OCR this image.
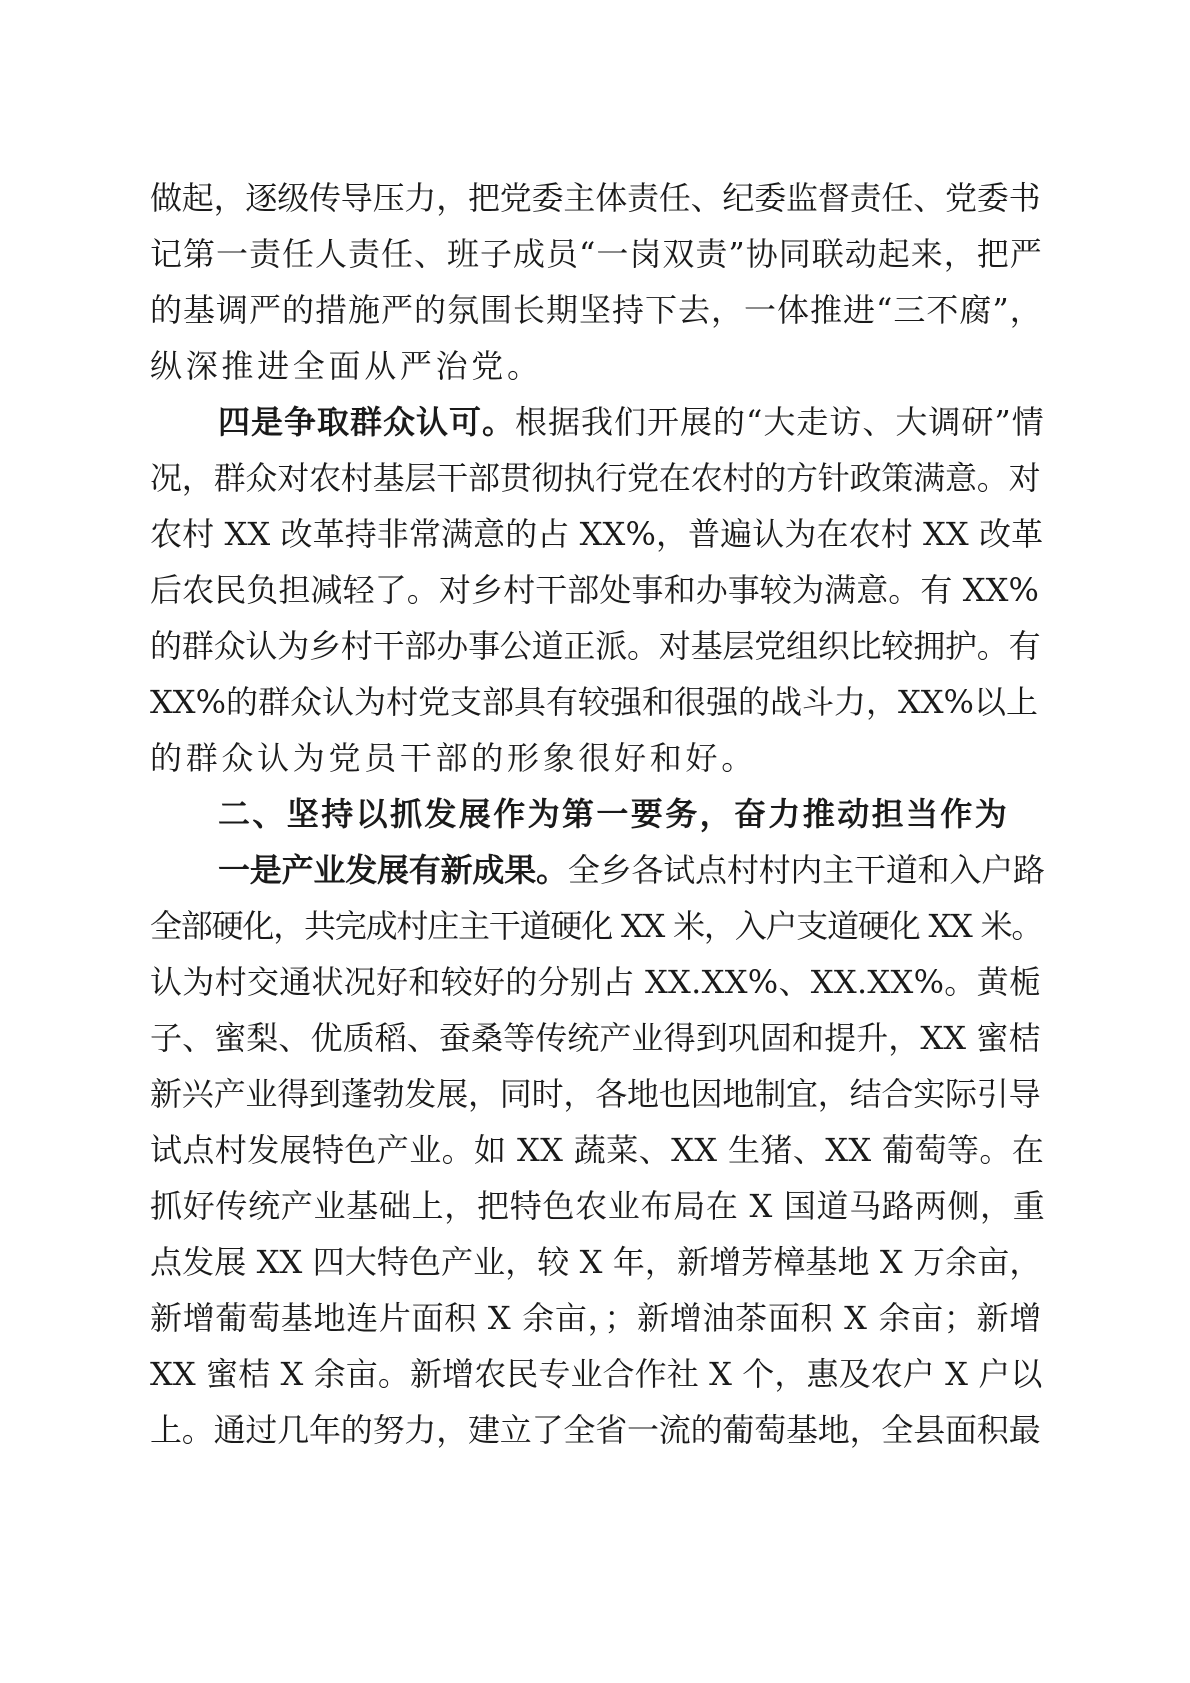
做起，逐级传导压力，把党委主体责任、纪委监督责任、党委书
记第一责任人责任、班子成员“一岗双责”协同联动起来，把严
的基调严的措施严的氛围长期坚持下去，一体推进“三不腐”，
纵深推进全面从严治党。
四是争取群众认可。根据我们开展的“大走访、大调研”情
况，群众对农村基层干部贯彻执行党在农村的方针政策满意。对
农村 XX 改革持非常满意的占 XX%，普遍认为在农村 XX 改革
后农民负担减轻了。对乡村干部处事和办事较为满意。有 XX%
的群众认为乡村干部办事公道正派。对基层党组织比较拥护。有
XX%的群众认为村党支部具有较强和很强的战斗力，XX%以上
的群众认为党员干部的形象很好和好。
二、坚持以抓发展作为第一要务，奋力推动担当作为
一是产业发展有新成果。全乡各试点村村内主干道和入户路
全部硬化，共完成村庄主干道硬化 XX 米，入户支道硬化 XX 米。
认为村交通状况好和较好的分别占 XX.XX%、XX.XX%。黄栀
子、蜜梨、优质稻、蚕桑等传统产业得到巩固和提升，XX 蜜桔
新兴产业得到蓬勃发展，同时，各地也因地制宜，结合实际引导
试点村发展特色产业。如 XX 蔬菜、XX 生猪、XX 葡萄等。在
抓好传统产业基础上，把特色农业布局在 X 国道马路两侧，重
点发展 XX 四大特色产业，较 X 年，新增芳樟基地 X 万余亩，
新增葡萄基地连片面积 X 余亩，；新增油茶面积 X 余亩；新增
XX 蜜桔 X 余亩。新增农民专业合作社 X 个，惠及农户 X 户以
上。通过几年的努力，建立了全省一流的葡萄基地，全县面积最
